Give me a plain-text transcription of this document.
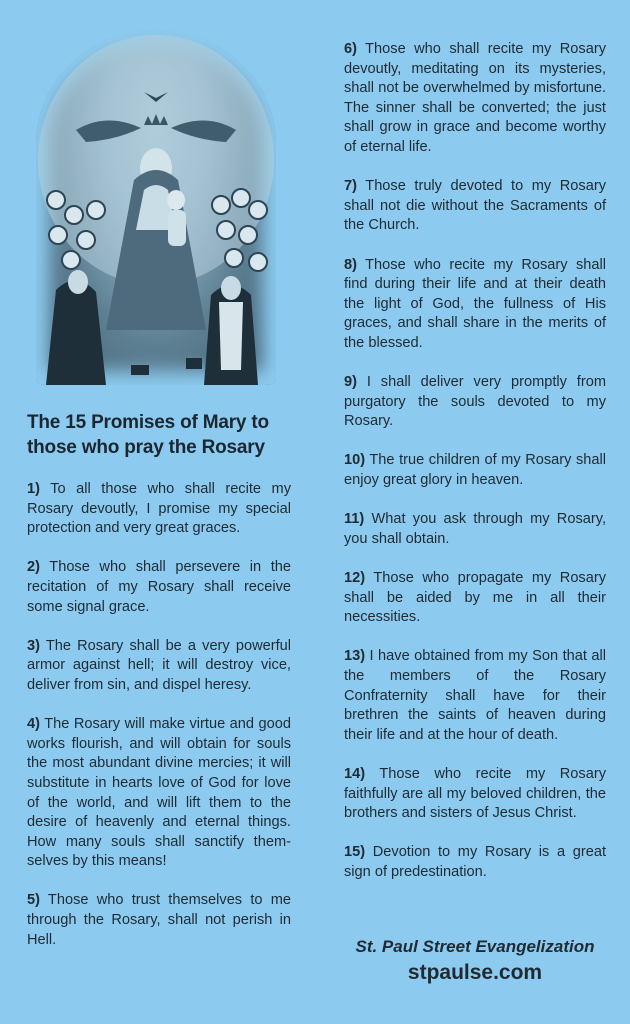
The 15 Promises of Mary to
those who pray the Rosary

1) To all those who shall recite my Rosary devoutly, I promise my special protection and very great graces.

2) Those who shall persevere in the recitation of my Rosary shall receive some signal grace.

3) The Rosary shall be a very powerful armor against hell; it will destroy vice, deliver from sin, and dispel heresy.

4) The Rosary will make virtue and good works flourish, and will obtain for souls the most abundant divine mercies; it will substitute in hearts love of God for love of the world, and will lift them to the desire of heavenly and eternal things. How many souls shall sanctify themselves by this means!

5) Those who trust themselves to me through the Rosary, shall not perish in Hell.

6) Those who shall recite my Rosary devoutly, meditating on its mysteries, shall not be overwhelmed by misfortune. The sinner shall be converted; the just shall grow in grace and become worthy of eternal life.

7) Those truly devoted to my Rosary shall not die without the Sacraments of the Church.

8) Those who recite my Rosary shall find during their life and at their death the light of God, the fullness of His graces, and shall share in the merits of the blessed.

9) I shall deliver very promptly from purgatory the souls devoted to my Rosary.

10) The true children of my Rosary shall enjoy great glory in heaven.

11) What you ask through my Rosary, you shall obtain.

12) Those who propagate my Rosary shall be aided by me in all their necessities.

13) I have obtained from my Son that all the members of the Rosary Confraternity shall have for their brethren the saints of heaven during their life and at the hour of death.

14) Those who recite my Rosary faithfully are all my beloved children, the brothers and sisters of Jesus Christ.

15) Devotion to my Rosary is a great sign of predestination.

St. Paul Street Evangelization
stpaulse.com
